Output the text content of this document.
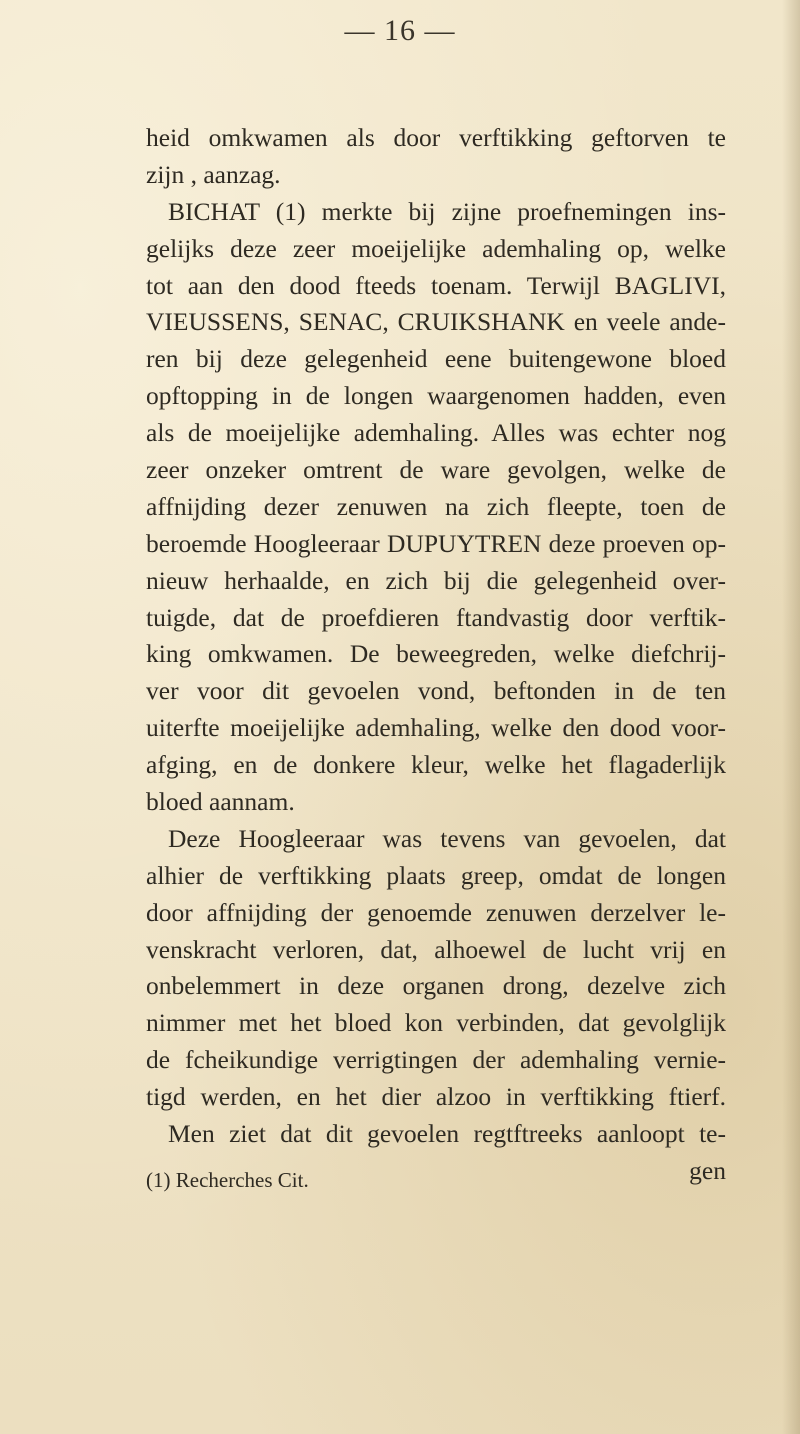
— 16 —
heid omkwamen als door verftikking geftorven te
zijn , aanzag.
BICHAT (1) merkte bij zijne proefnemingen ins-
gelijks deze zeer moeijelijke ademhaling op, welke
tot aan den dood fteeds toenam. Terwijl BAGLIVI,
VIEUSSENS, SENAC, CRUIKSHANK en veele ande-
ren bij deze gelegenheid eene buitengewone bloed
opftopping in de longen waargenomen hadden, even
als de moeijelijke ademhaling. Alles was echter nog
zeer onzeker omtrent de ware gevolgen, welke de
affnijding dezer zenuwen na zich fleepte, toen de
beroemde Hoogleeraar DUPUYTREN deze proeven op-
nieuw herhaalde, en zich bij die gelegenheid over-
tuigde, dat de proefdieren ftandvastig door verftik-
king omkwamen. De beweegreden, welke diefchrij-
ver voor dit gevoelen vond, beftonden in de ten
uiterfte moeijelijke ademhaling, welke den dood voor-
afging, en de donkere kleur, welke het flagaderlijk
bloed aannam.
Deze Hoogleeraar was tevens van gevoelen, dat
alhier de verftikking plaats greep, omdat de longen
door affnijding der genoemde zenuwen derzelver le-
venskracht verloren, dat, alhoewel de lucht vrij en
onbelemmert in deze organen drong, dezelve zich
nimmer met het bloed kon verbinden, dat gevolglijk
de fcheikundige verrigtingen der ademhaling vernie-
tigd werden, en het dier alzoo in verftikking ftierf.
Men ziet dat dit gevoelen regtftreeks aanloopt te-
gen
(1) Recherches Cit.
